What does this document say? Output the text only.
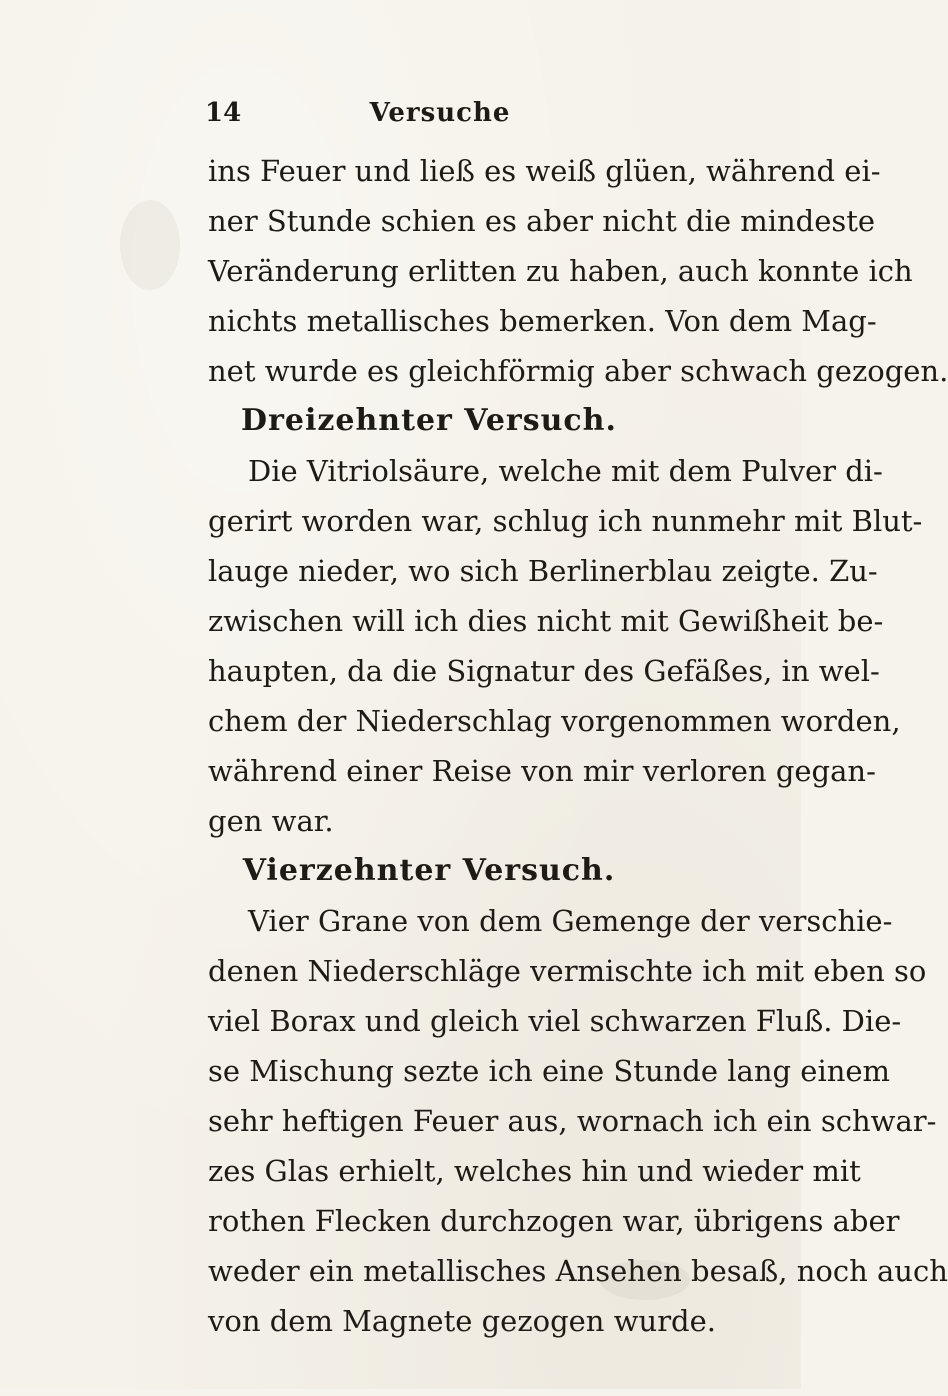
14	Versuche
ins Feuer und ließ es weiß glüen, während ei-
ner Stunde schien es aber nicht die mindeste
Veränderung erlitten zu haben, auch konnte ich
nichts metallisches bemerken. Von dem Mag-
net wurde es gleichförmig aber schwach gezogen.
Dreizehnter Versuch.
Die Vitriolsäure, welche mit dem Pulver di-
gerirt worden war, schlug ich nunmehr mit Blut-
lauge nieder, wo sich Berlinerblau zeigte. Zu-
zwischen will ich dies nicht mit Gewißheit be-
haupten, da die Signatur des Gefäßes, in wel-
chem der Niederschlag vorgenommen worden,
während einer Reise von mir verloren gegan-
gen war.
Vierzehnter Versuch.
Vier Grane von dem Gemenge der verschie-
denen Niederschläge vermischte ich mit eben so
viel Borax und gleich viel schwarzen Fluß. Die-
se Mischung sezte ich eine Stunde lang einem
sehr heftigen Feuer aus, wornach ich ein schwar-
zes Glas erhielt, welches hin und wieder mit
rothen Flecken durchzogen war, übrigens aber
weder ein metallisches Ansehen besaß, noch auch
von dem Magnete gezogen wurde.
